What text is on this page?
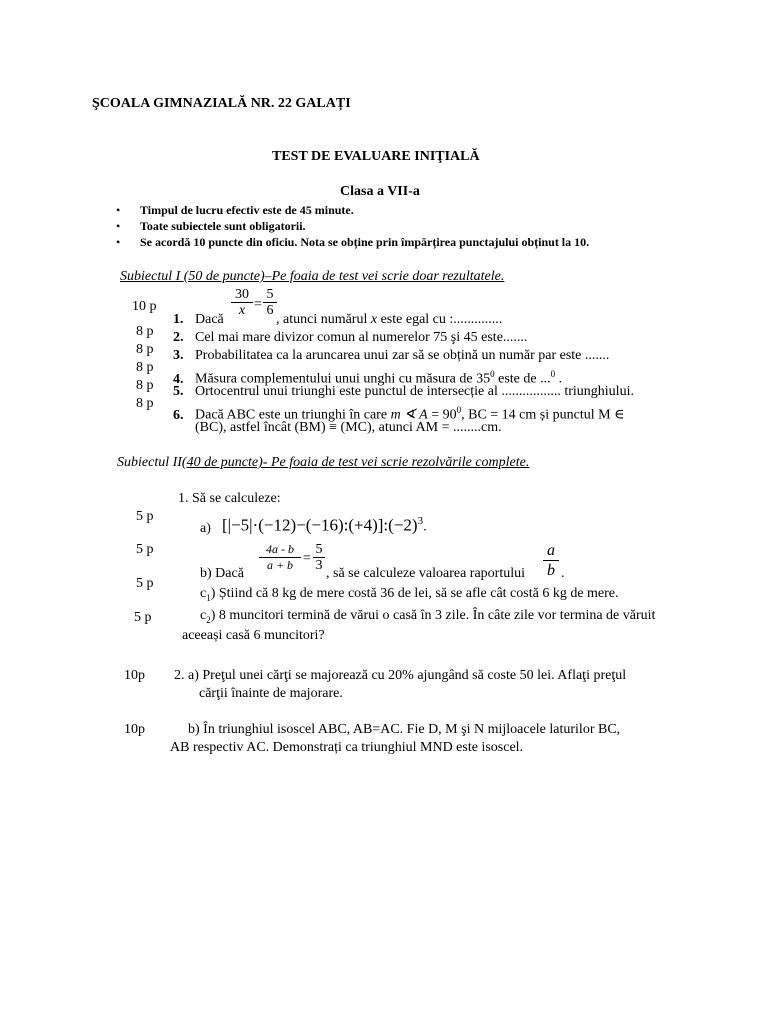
ŞCOALA GIMNAZIALĂ NR. 22 GALAȚI
TEST DE EVALUARE INIŢIALĂ
Clasa a VII-a
• Timpul de lucru efectiv este de 45 minute.
• Toate subiectele sunt obligatorii.
• Se acordă 10 puncte din oficiu. Nota se obține prin împărțirea punctajului obținut la 10.
Subiectul I (50 de puncte)–Pe foaia de test vei scrie doar rezultatele.
10 p	$\frac{30}{x} = \frac{5}{6}$
1. Dacă	, atunci numărul x este egal cu :..............
8 p 2. Cel mai mare divizor comun al numerelor 75 şi 45 este.......
8 p 3. Probabilitatea ca la aruncarea unui zar să se obțină un număr par este .......
8 p
4. Măsura complementului unui unghi cu măsura de $35^0$ este de ...$^0$ .
8 p 5. Ortocentrul unui triunghi este punctul de intersecție al ................. triunghiului.
8 p
6. Dacă ABC este un triunghi în care m ∢ $A = 90^0$, BC = 14 cm și punctul M ∈
(BC), astfel încât (BM) ≡ (MC), atunci AM = ........cm.
Subiectul II(40 de puncte)- Pe foaia de test vei scrie rezolvările complete.
1. Să se calculeze:
5 p
a) $[|-5|\cdot(-12)-(-16):(+4)]:(-2)^3$.
5 p	$\frac{4a - b}{a + b} = \frac{5}{3}$
b) Dacă	, să se calculeze valoarea raportului $\frac{a}{b}$ .
5 p
$c_1$) Știind că 8 kg de mere costă 36 de lei, să se afle cât costă 6 kg de mere.
5 p	$c_2$) 8 muncitori termină de vărui o casă în 3 zile. În câte zile vor termina de văruit
aceeași casă 6 muncitori?
10p 2. a) Preţul unei cărţi se majorează cu 20% ajungând să coste 50 lei. Aflaţi preţul
cărţii înainte de majorare.
10p	b) În triunghiul isoscel ABC, AB=AC. Fie D, M şi N mijloacele laturilor BC,
AB respectiv AC. Demonstrați ca triunghiul MND este isoscel.
